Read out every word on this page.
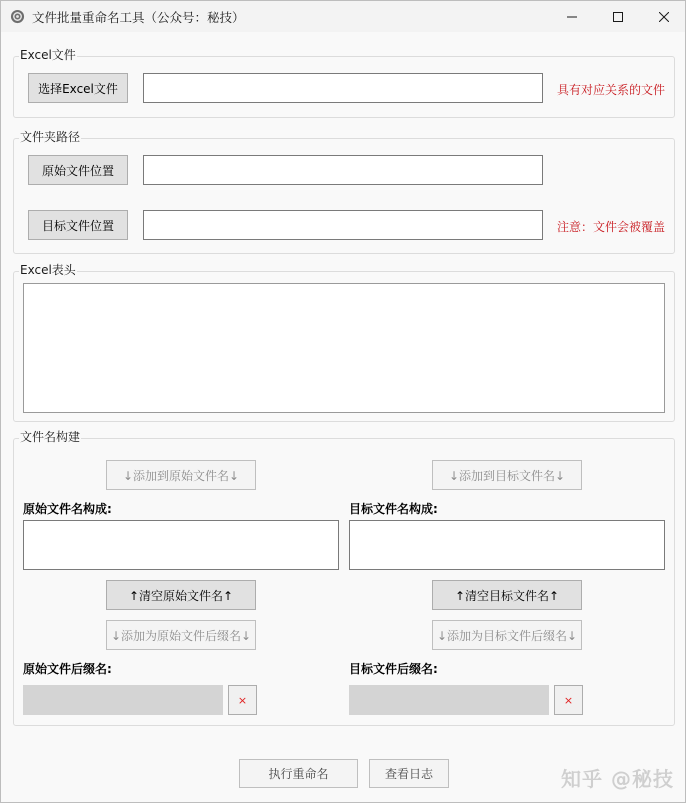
文件批量重命名工具（公众号：秘技）
Excel文件
选择Excel文件	具有对应关系的文件
文件夹路径
原始文件位置
目标文件位置	注意：文件会被覆盖
Excel表头
文件名构建
↓添加到原始文件名↓	↓添加到目标文件名↓
原始文件名构成:	目标文件名构成:
↑清空原始文件名↑	↑清空目标文件名↑
↓添加为原始文件后缀名↓	↓添加为目标文件后缀名↓
原始文件后缀名:	目标文件后缀名:
×	×
执行重命名	查看日志	知乎 @秘技
